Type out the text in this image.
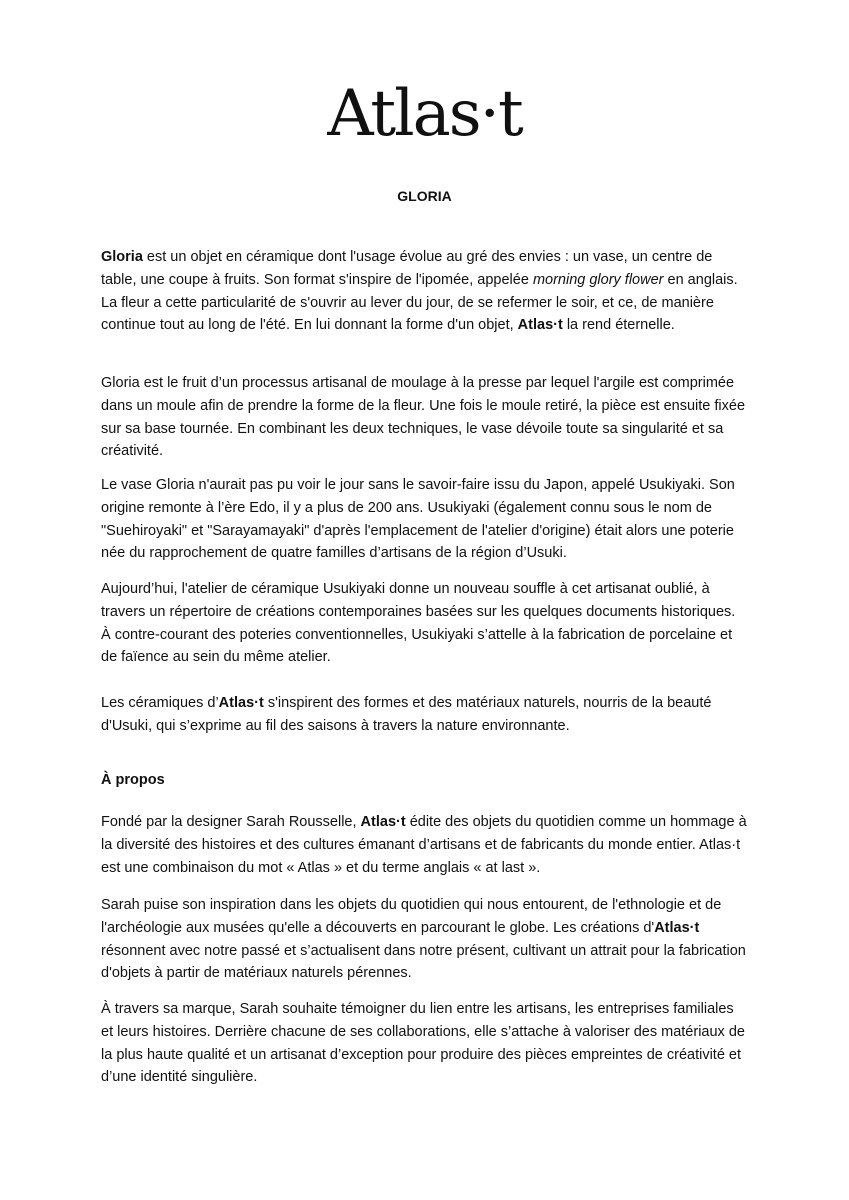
Atlas·t
GLORIA

Gloria est un objet en céramique dont l'usage évolue au gré des envies : un vase, un centre de table, une coupe à fruits. Son format s'inspire de l'ipomée, appelée morning glory flower en anglais. La fleur a cette particularité de s'ouvrir au lever du jour, de se refermer le soir, et ce, de manière continue tout au long de l'été. En lui donnant la forme d'un objet, Atlas·t la rend éternelle.

Gloria est le fruit d’un processus artisanal de moulage à la presse par lequel l'argile est comprimée dans un moule afin de prendre la forme de la fleur. Une fois le moule retiré, la pièce est ensuite fixée sur sa base tournée. En combinant les deux techniques, le vase dévoile toute sa singularité et sa créativité.

Le vase Gloria n'aurait pas pu voir le jour sans le savoir-faire issu du Japon, appelé Usukiyaki. Son origine remonte à l’ère Edo, il y a plus de 200 ans. Usukiyaki (également connu sous le nom de "Suehiroyaki" et "Sarayamayaki" d'après l'emplacement de l'atelier d'origine) était alors une poterie née du rapprochement de quatre familles d’artisans de la région d’Usuki.

Aujourd’hui, l'atelier de céramique Usukiyaki donne un nouveau souffle à cet artisanat oublié, à travers un répertoire de créations contemporaines basées sur les quelques documents historiques. À contre-courant des poteries conventionnelles, Usukiyaki s’attelle à la fabrication de porcelaine et de faïence au sein du même atelier.

Les céramiques d’Atlas·t s'inspirent des formes et des matériaux naturels, nourris de la beauté d'Usuki, qui s’exprime au fil des saisons à travers la nature environnante.

À propos

Fondé par la designer Sarah Rousselle, Atlas·t édite des objets du quotidien comme un hommage à la diversité des histoires et des cultures émanant d’artisans et de fabricants du monde entier. Atlas·t est une combinaison du mot « Atlas » et du terme anglais « at last ».

Sarah puise son inspiration dans les objets du quotidien qui nous entourent, de l'ethnologie et de l'archéologie aux musées qu'elle a découverts en parcourant le globe. Les créations d'Atlas·t résonnent avec notre passé et s’actualisent dans notre présent, cultivant un attrait pour la fabrication d'objets à partir de matériaux naturels pérennes.

À travers sa marque, Sarah souhaite témoigner du lien entre les artisans, les entreprises familiales et leurs histoires. Derrière chacune de ses collaborations, elle s’attache à valoriser des matériaux de la plus haute qualité et un artisanat d’exception pour produire des pièces empreintes de créativité et d’une identité singulière.
